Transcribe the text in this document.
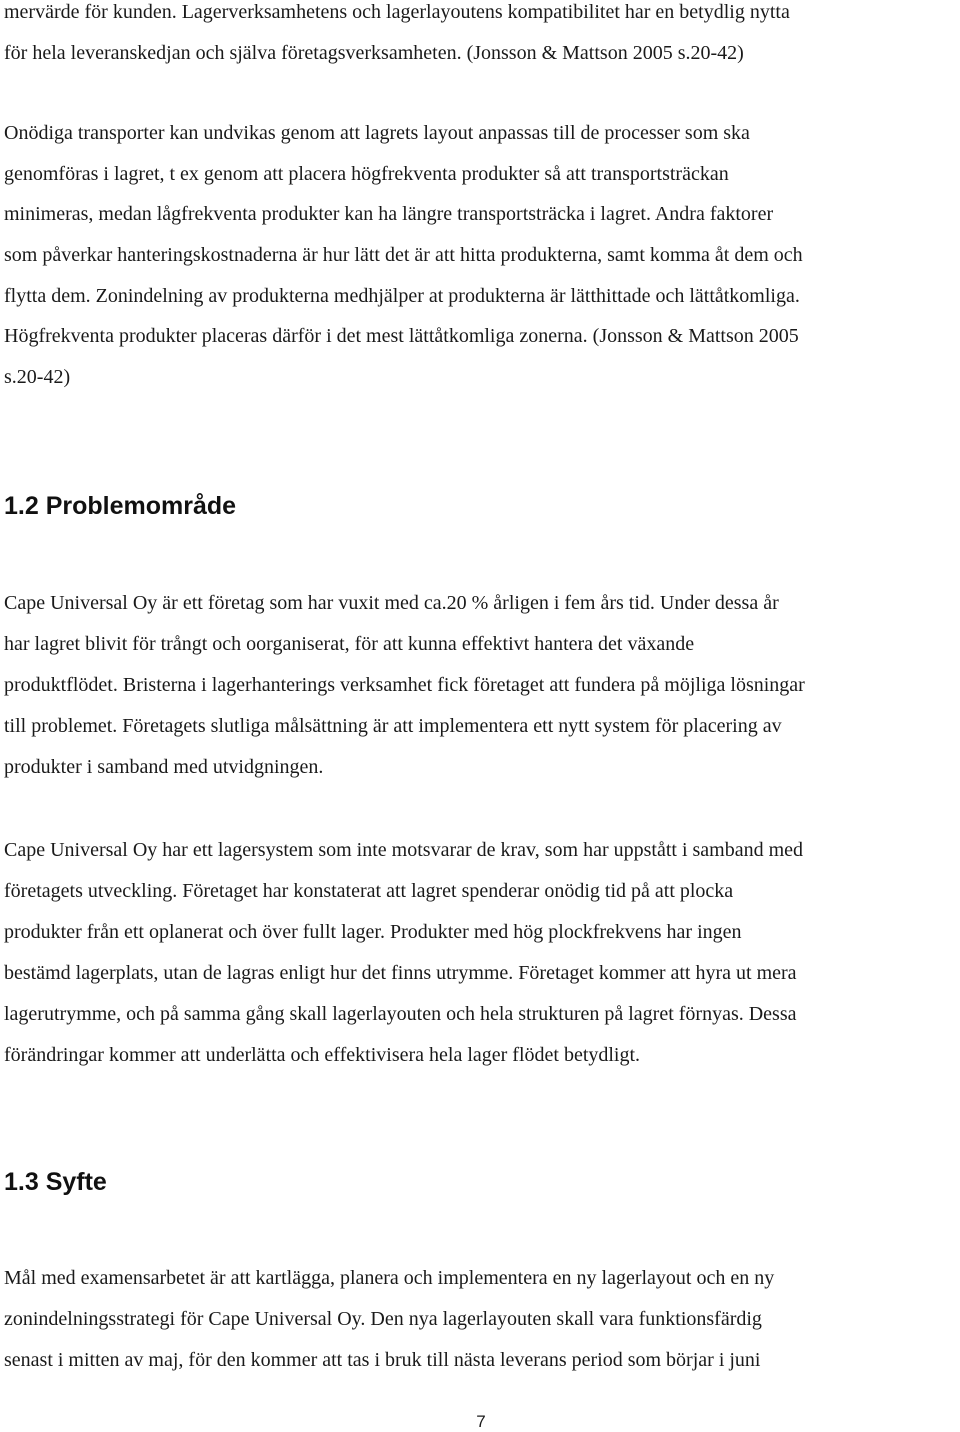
mervärde för kunden. Lagerverksamhetens och lagerlayoutens kompatibilitet har en betydlig nytta
för hela leveranskedjan och själva företagsverksamheten. (Jonsson & Mattson 2005 s.20-42)
Onödiga transporter kan undvikas genom att lagrets layout anpassas till de processer som ska
genomföras i lagret, t ex genom att placera högfrekventa produkter så att transportsträckan
minimeras, medan lågfrekventa produkter kan ha längre transportsträcka i lagret. Andra faktorer
som påverkar hanteringskostnaderna är hur lätt det är att hitta produkterna, samt komma åt dem och
flytta dem. Zonindelning av produkterna medhjälper at produkterna är lätthittade och lättåtkomliga.
Högfrekventa produkter placeras därför i det mest lättåtkomliga zonerna. (Jonsson & Mattson 2005
s.20-42)
1.2 Problemområde
Cape Universal Oy är ett företag som har vuxit med ca.20 % årligen i fem års tid. Under dessa år
har lagret blivit för trångt och oorganiserat, för att kunna effektivt hantera det växande
produktflödet. Bristerna i lagerhanterings verksamhet fick företaget att fundera på möjliga lösningar
till problemet. Företagets slutliga målsättning är att implementera ett nytt system för placering av
produkter i samband med utvidgningen.
Cape Universal Oy har ett lagersystem som inte motsvarar de krav, som har uppstått i samband med
företagets utveckling. Företaget har konstaterat att lagret spenderar onödig tid på att plocka
produkter från ett oplanerat och över fullt lager. Produkter med hög plockfrekvens har ingen
bestämd lagerplats, utan de lagras enligt hur det finns utrymme. Företaget kommer att hyra ut mera
lagerutrymme, och på samma gång skall lagerlayouten och hela strukturen på lagret förnyas. Dessa
förändringar kommer att underlätta och effektivisera hela lager flödet betydligt.
1.3 Syfte
Mål med examensarbetet är att kartlägga, planera och implementera en ny lagerlayout och en ny
zonindelningsstrategi för Cape Universal Oy. Den nya lagerlayouten skall vara funktionsfärdig
senast i mitten av maj, för den kommer att tas i bruk till nästa leverans period som börjar i juni
7
